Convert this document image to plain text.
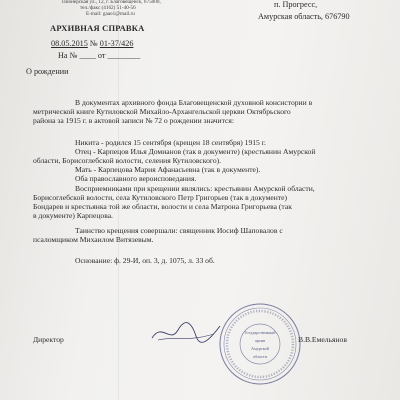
Пионерская ул., 12, г. Благовещенск, 675000,
тел./факс (4162) 51-40-56
E-mail: gaao1@mail.ru
п. Прогресс,
Амурская область, 676790
АРХИВНАЯ СПРАВКА
08.05.2015 № 01-37/426
На № ____ от ________
О рождении
В документах архивного фонда Благовещенской духовной консистории в
метрической книге Кутиловской Михайло-Архангельской церкви Октябрьского
района за 1915 г. в актовой записи № 72 о рождении значится:
Никита - родился 15 сентября (крещен 18 сентября) 1915 г.
Отец - Карпецов Илья Домианов (так в документе) (крестьянин Амурской
области, Борисоглебской волости, селения Кутиловского).
Мать - Карпецова Мария Афанасьевна (так в документе).
Оба православного вероисповедания.
Восприемниками при крещении являлись: крестьянин Амурской области,
Борисоглебской волости, села Кутиловского Петр Григорьев (так в документе)
Бондарев и крестьянка той же области, волости и села Матрона Григорьева (так
в документе) Карпецова.
Таинство крещения совершали: священник Иосиф Шаповалов с
псаломщиком Михаилом Витязевым.
Основание: ф. 29-И, оп. 3, д. 1075, л. 33 об.
Директор	В.В.Емельянов
Государственный
архив
Амурской
области
